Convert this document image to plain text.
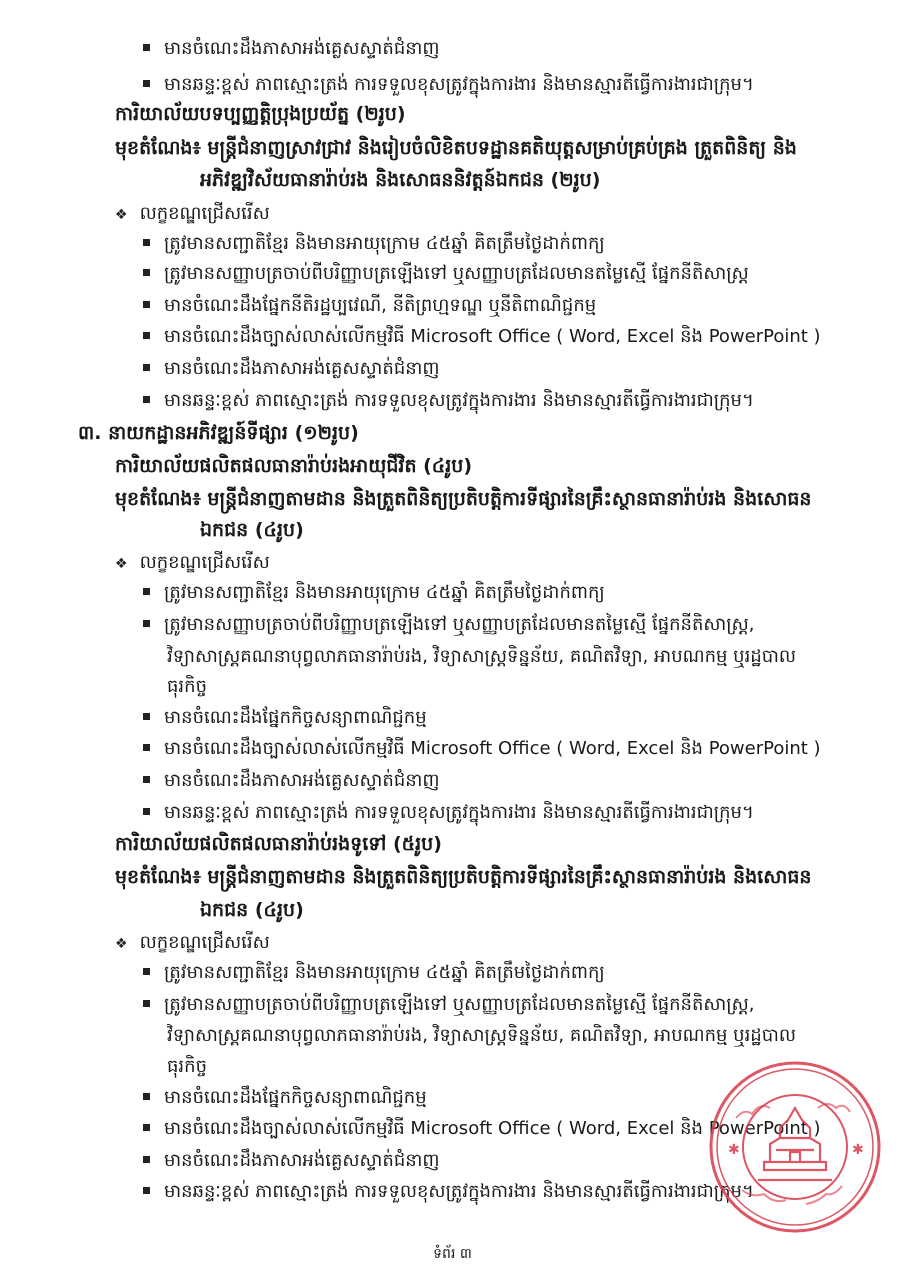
មានចំណេះដឹងភាសាអង់គ្លេសស្ទាត់ជំនាញ
មានឆន្ទៈខ្ពស់ ភាពស្មោះត្រង់ ការទទួលខុសត្រូវក្នុងការងារ និងមានស្មារតីធ្វើការងារជាក្រុម។
ការិយាល័យបទប្បញ្ញត្តិប្រុងប្រយ័ត្ន (២រូប)
មុខតំណែង៖ មន្ត្រីជំនាញស្រាវជ្រាវ និងរៀបចំលិខិតបទដ្ឋានគតិយុត្តសម្រាប់គ្រប់គ្រង ត្រួតពិនិត្យ និង
អភិវឌ្ឍវិស័យធានារ៉ាប់រង និងសោធននិវត្តន៍ឯកជន (២រូប)
❖ លក្ខខណ្ឌជ្រើសរើស
ត្រូវមានសញ្ជាតិខ្មែរ និងមានអាយុក្រោម ៤៥ឆ្នាំ គិតត្រឹមថ្ងៃដាក់ពាក្យ
ត្រូវមានសញ្ញាបត្រចាប់ពីបរិញ្ញាបត្រឡើងទៅ ឬសញ្ញាបត្រដែលមានតម្លៃស្មើ ផ្នែកនីតិសាស្ត្រ
មានចំណេះដឹងផ្នែកនីតិរដ្ឋប្បវេណី, នីតិព្រហ្មទណ្ឌ ឬនីតិពាណិជ្ជកម្ម
មានចំណេះដឹងច្បាស់លាស់លើកម្មវិធី Microsoft Office ( Word, Excel និង PowerPoint )
មានចំណេះដឹងភាសាអង់គ្លេសស្ទាត់ជំនាញ
មានឆន្ទៈខ្ពស់ ភាពស្មោះត្រង់ ការទទួលខុសត្រូវក្នុងការងារ និងមានស្មារតីធ្វើការងារជាក្រុម។
៣. នាយកដ្ឋានអភិវឌ្ឍន៍ទីផ្សារ (១២រូប)
ការិយាល័យផលិតផលធានារ៉ាប់រងអាយុជីវិត (៤រូប)
មុខតំណែង៖ មន្ត្រីជំនាញតាមដាន និងត្រួតពិនិត្យប្រតិបត្តិការទីផ្សារនៃគ្រឹះស្ថានធានារ៉ាប់រង និងសោធន
ឯកជន (៤រូប)
❖ លក្ខខណ្ឌជ្រើសរើស
ត្រូវមានសញ្ជាតិខ្មែរ និងមានអាយុក្រោម ៤៥ឆ្នាំ គិតត្រឹមថ្ងៃដាក់ពាក្យ
ត្រូវមានសញ្ញាបត្រចាប់ពីបរិញ្ញាបត្រឡើងទៅ ឬសញ្ញាបត្រដែលមានតម្លៃស្មើ ផ្នែកនីតិសាស្ត្រ,
វិទ្យាសាស្ត្រគណនាបុព្វលាភធានារ៉ាប់រង, វិទ្យាសាស្ត្រទិន្នន័យ, គណិតវិទ្យា, អាបណកម្ម ឬរដ្ឋបាល
ធុរកិច្ច
មានចំណេះដឹងផ្នែកកិច្ចសន្យាពាណិជ្ជកម្ម
មានចំណេះដឹងច្បាស់លាស់លើកម្មវិធី Microsoft Office ( Word, Excel និង PowerPoint )
មានចំណេះដឹងភាសាអង់គ្លេសស្ទាត់ជំនាញ
មានឆន្ទៈខ្ពស់ ភាពស្មោះត្រង់ ការទទួលខុសត្រូវក្នុងការងារ និងមានស្មារតីធ្វើការងារជាក្រុម។
ការិយាល័យផលិតផលធានារ៉ាប់រងទូទៅ (៥រូប)
មុខតំណែង៖ មន្ត្រីជំនាញតាមដាន និងត្រួតពិនិត្យប្រតិបត្តិការទីផ្សារនៃគ្រឹះស្ថានធានារ៉ាប់រង និងសោធន
ឯកជន (៤រូប)
❖ លក្ខខណ្ឌជ្រើសរើស
ត្រូវមានសញ្ជាតិខ្មែរ និងមានអាយុក្រោម ៤៥ឆ្នាំ គិតត្រឹមថ្ងៃដាក់ពាក្យ
ត្រូវមានសញ្ញាបត្រចាប់ពីបរិញ្ញាបត្រឡើងទៅ ឬសញ្ញាបត្រដែលមានតម្លៃស្មើ ផ្នែកនីតិសាស្ត្រ,
វិទ្យាសាស្ត្រគណនាបុព្វលាភធានារ៉ាប់រង, វិទ្យាសាស្ត្រទិន្នន័យ, គណិតវិទ្យា, អាបណកម្ម ឬរដ្ឋបាល
ធុរកិច្ច
មានចំណេះដឹងផ្នែកកិច្ចសន្យាពាណិជ្ជកម្ម
មានចំណេះដឹងច្បាស់លាស់លើកម្មវិធី Microsoft Office ( Word, Excel និង PowerPoint )
មានចំណេះដឹងភាសាអង់គ្លេសស្ទាត់ជំនាញ
មានឆន្ទៈខ្ពស់ ភាពស្មោះត្រង់ ការទទួលខុសត្រូវក្នុងការងារ និងមានស្មារតីធ្វើការងារជាក្រុម។
✱	✱
ទំព័រ ៣
